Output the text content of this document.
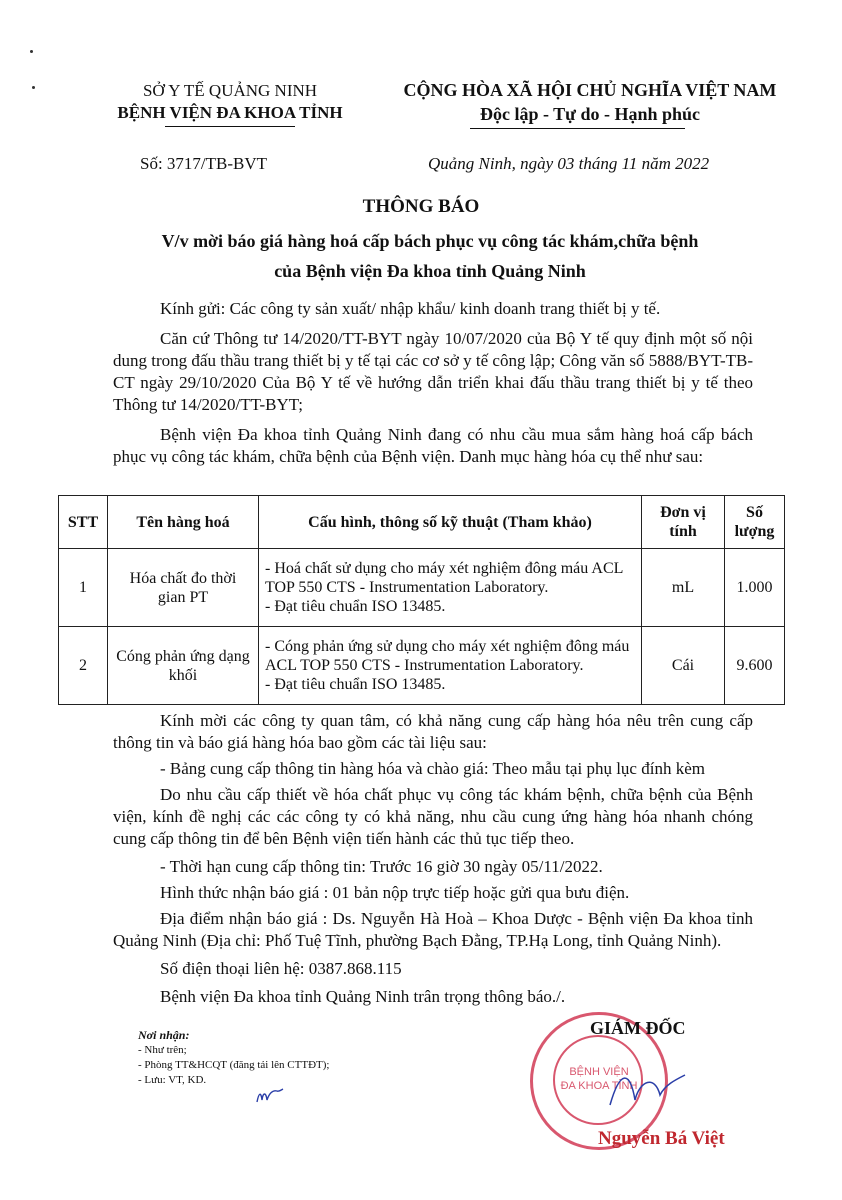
SỞ Y TẾ QUẢNG NINH
BỆNH VIỆN ĐA KHOA TỈNH
CỘNG HÒA XÃ HỘI CHỦ NGHĨA VIỆT NAM
Độc lập - Tự do - Hạnh phúc
Số: 3717/TB-BVT	Quảng Ninh, ngày 03 tháng 11 năm 2022
THÔNG BÁO
V/v mời báo giá hàng hoá cấp bách phục vụ công tác khám,chữa bệnh
của Bệnh viện Đa khoa tỉnh Quảng Ninh

Kính gửi: Các công ty sản xuất/ nhập khẩu/ kinh doanh trang thiết bị y tế.

Căn cứ Thông tư 14/2020/TT-BYT ngày 10/07/2020 của Bộ Y tế quy định một số nội dung trong đấu thầu trang thiết bị y tế tại các cơ sở y tế công lập; Công văn số 5888/BYT-TB-CT ngày 29/10/2020 Của Bộ Y tế về hướng dẫn triển khai đấu thầu trang thiết bị y tế theo Thông tư 14/2020/TT-BYT;

Bệnh viện Đa khoa tỉnh Quảng Ninh đang có nhu cầu mua sắm hàng hoá cấp bách phục vụ công tác khám, chữa bệnh của Bệnh viện. Danh mục hàng hóa cụ thể như sau:

STT	Tên hàng hoá	Cấu hình, thông số kỹ thuật (Tham khảo)	Đơn vị tính	Số lượng
1	Hóa chất đo thời gian PT	- Hoá chất sử dụng cho máy xét nghiệm đông máu ACL TOP 550 CTS - Instrumentation Laboratory.
- Đạt tiêu chuẩn ISO 13485.	mL	1.000
2	Cóng phản ứng dạng khối	- Cóng phản ứng sử dụng cho máy xét nghiệm đông máu ACL TOP 550 CTS - Instrumentation Laboratory.
- Đạt tiêu chuẩn ISO 13485.	Cái	9.600

Kính mời các công ty quan tâm, có khả năng cung cấp hàng hóa nêu trên cung cấp thông tin và báo giá hàng hóa bao gồm các tài liệu sau:

- Bảng cung cấp thông tin hàng hóa và chào giá: Theo mẫu tại phụ lục đính kèm

Do nhu cầu cấp thiết về hóa chất phục vụ công tác khám bệnh, chữa bệnh của Bệnh viện, kính đề nghị các các công ty có khả năng, nhu cầu cung ứng hàng hóa nhanh chóng cung cấp thông tin để bên Bệnh viện tiến hành các thủ tục tiếp theo.

- Thời hạn cung cấp thông tin: Trước 16 giờ 30 ngày 05/11/2022.

Hình thức nhận báo giá : 01 bản nộp trực tiếp hoặc gửi qua bưu điện.

Địa điểm nhận báo giá : Ds. Nguyễn Hà Hoà – Khoa Dược - Bệnh viện Đa khoa tỉnh Quảng Ninh (Địa chỉ: Phố Tuệ Tĩnh, phường Bạch Đằng, TP.Hạ Long, tỉnh Quảng Ninh).

Số điện thoại liên hệ: 0387.868.115

Bệnh viện Đa khoa tỉnh Quảng Ninh trân trọng thông báo./.

Nơi nhận:
- Như trên;
- Phòng TT&HCQT (đăng tải lên CTTĐT);
- Lưu: VT, KD.
BỆNH VIỆN
ĐA KHOA TỈNH
GIÁM ĐỐC
Nguyễn Bá Việt
